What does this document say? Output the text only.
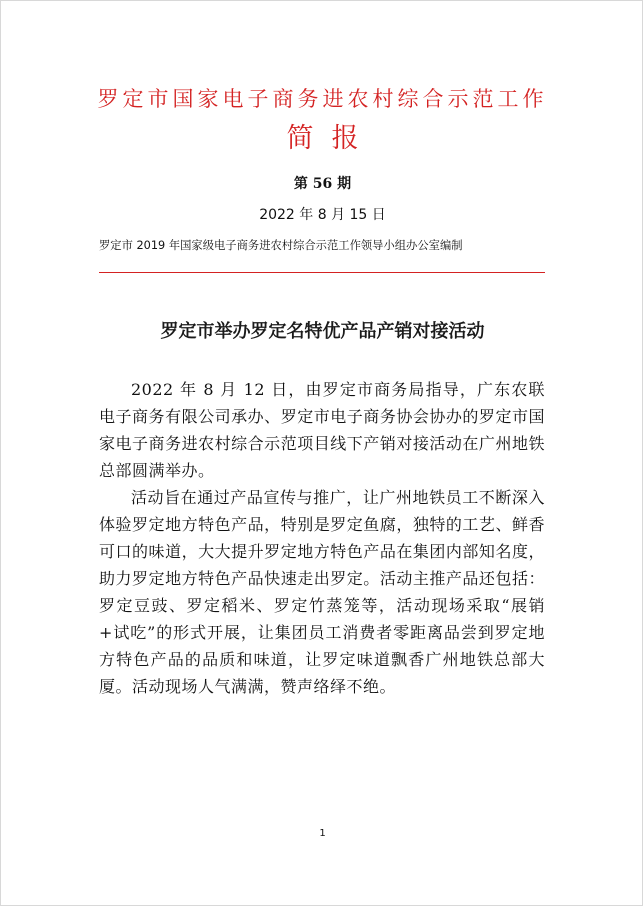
罗定市国家电子商务进农村综合示范工作
简报
第 56 期
2022 年 8 月 15 日
罗定市 2019 年国家级电子商务进农村综合示范工作领导小组办公室编制
罗定市举办罗定名特优产品产销对接活动

2022 年 8 月 12 日，由罗定市商务局指导，广东农联电子商务有限公司承办、罗定市电子商务协会协办的罗定市国家电子商务进农村综合示范项目线下产销对接活动在广州地铁总部圆满举办。

活动旨在通过产品宣传与推广，让广州地铁员工不断深入体验罗定地方特色产品，特别是罗定鱼腐，独特的工艺、鲜香可口的味道，大大提升罗定地方特色产品在集团内部知名度，助力罗定地方特色产品快速走出罗定。活动主推产品还包括：罗定豆豉、罗定稻米、罗定竹蒸笼等，活动现场采取“展销+试吃”的形式开展，让集团员工消费者零距离品尝到罗定地方特色产品的品质和味道，让罗定味道飘香广州地铁总部大厦。活动现场人气满满，赞声络绎不绝。

1
